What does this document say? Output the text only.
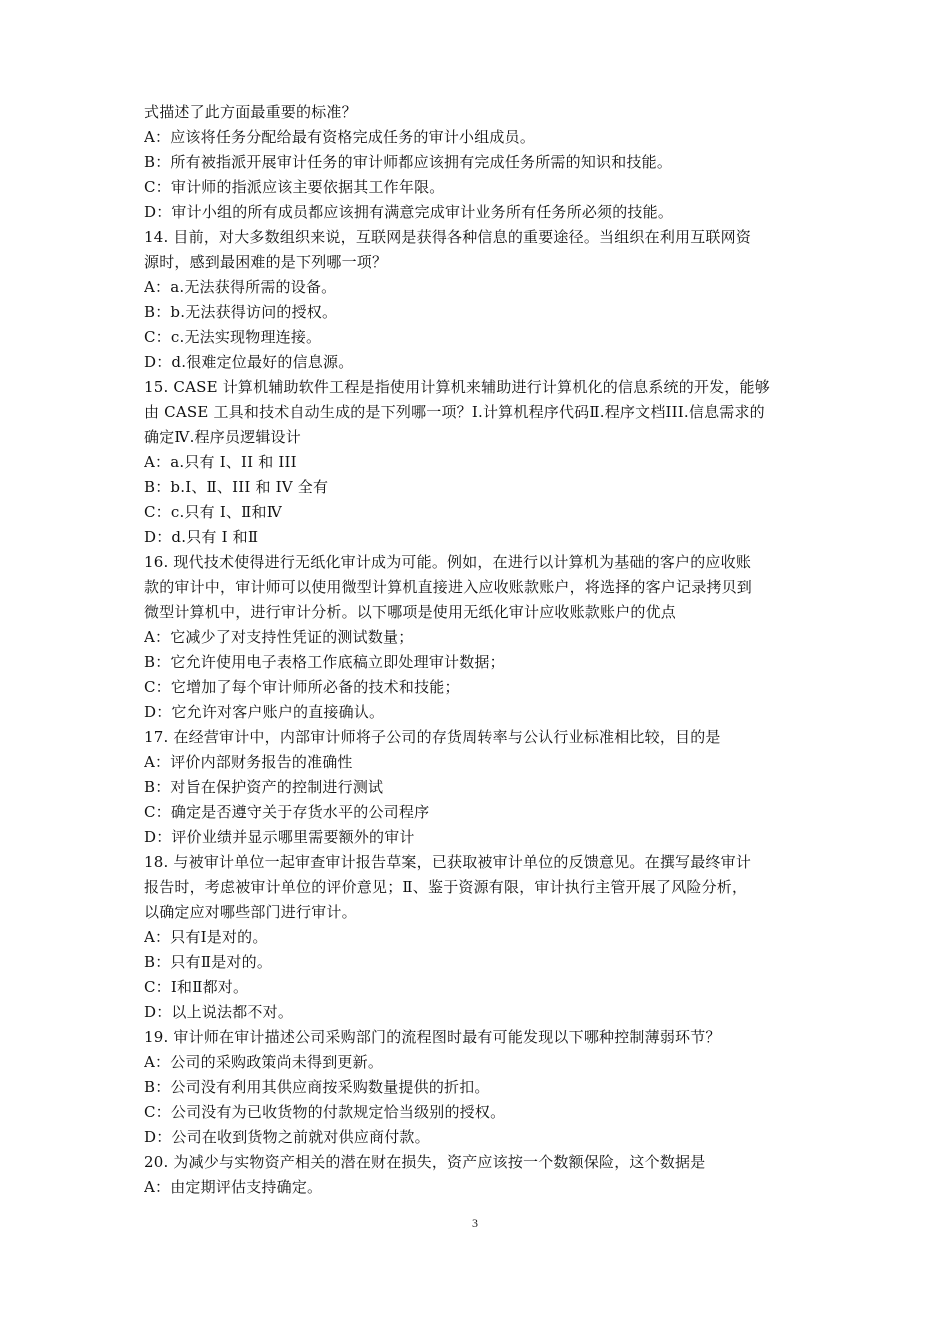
式描述了此方面最重要的标准？
A：应该将任务分配给最有资格完成任务的审计小组成员。
B：所有被指派开展审计任务的审计师都应该拥有完成任务所需的知识和技能。
C：审计师的指派应该主要依据其工作年限。
D：审计小组的所有成员都应该拥有满意完成审计业务所有任务所必须的技能。
14. 目前，对大多数组织来说，互联网是获得各种信息的重要途径。当组织在利用互联网资
源时，感到最困难的是下列哪一项？
A：a.无法获得所需的设备。
B：b.无法获得访问的授权。
C：c.无法实现物理连接。
D：d.很难定位最好的信息源。
15. CASE 计算机辅助软件工程是指使用计算机来辅助进行计算机化的信息系统的开发，能够
由 CASE 工具和技术自动生成的是下列哪一项？I.计算机程序代码Ⅱ.程序文档III.信息需求的
确定Ⅳ.程序员逻辑设计
A：a.只有 I、II 和 III
B：b.I、Ⅱ、III 和 IV 全有
C：c.只有 I、Ⅱ和Ⅳ
D：d.只有 I 和Ⅱ
16. 现代技术使得进行无纸化审计成为可能。例如，在进行以计算机为基础的客户的应收账
款的审计中，审计师可以使用微型计算机直接进入应收账款账户，将选择的客户记录拷贝到
微型计算机中，进行审计分析。以下哪项是使用无纸化审计应收账款账户的优点
A：它减少了对支持性凭证的测试数量；
B：它允许使用电子表格工作底稿立即处理审计数据；
C：它增加了每个审计师所必备的技术和技能；
D：它允许对客户账户的直接确认。
17. 在经营审计中，内部审计师将子公司的存货周转率与公认行业标准相比较，目的是
A：评价内部财务报告的准确性
B：对旨在保护资产的控制进行测试
C：确定是否遵守关于存货水平的公司程序
D：评价业绩并显示哪里需要额外的审计
18. 与被审计单位一起审查审计报告草案，已获取被审计单位的反馈意见。在撰写最终审计
报告时，考虑被审计单位的评价意见；Ⅱ、鉴于资源有限，审计执行主管开展了风险分析，
以确定应对哪些部门进行审计。
A：只有Ⅰ是对的。
B：只有Ⅱ是对的。
C：Ⅰ和Ⅱ都对。
D：以上说法都不对。
19. 审计师在审计描述公司采购部门的流程图时最有可能发现以下哪种控制薄弱环节？
A：公司的采购政策尚未得到更新。
B：公司没有利用其供应商按采购数量提供的折扣。
C：公司没有为已收货物的付款规定恰当级别的授权。
D：公司在收到货物之前就对供应商付款。
20. 为减少与实物资产相关的潜在财在损失，资产应该按一个数额保险，这个数据是
A：由定期评估支持确定。
3
